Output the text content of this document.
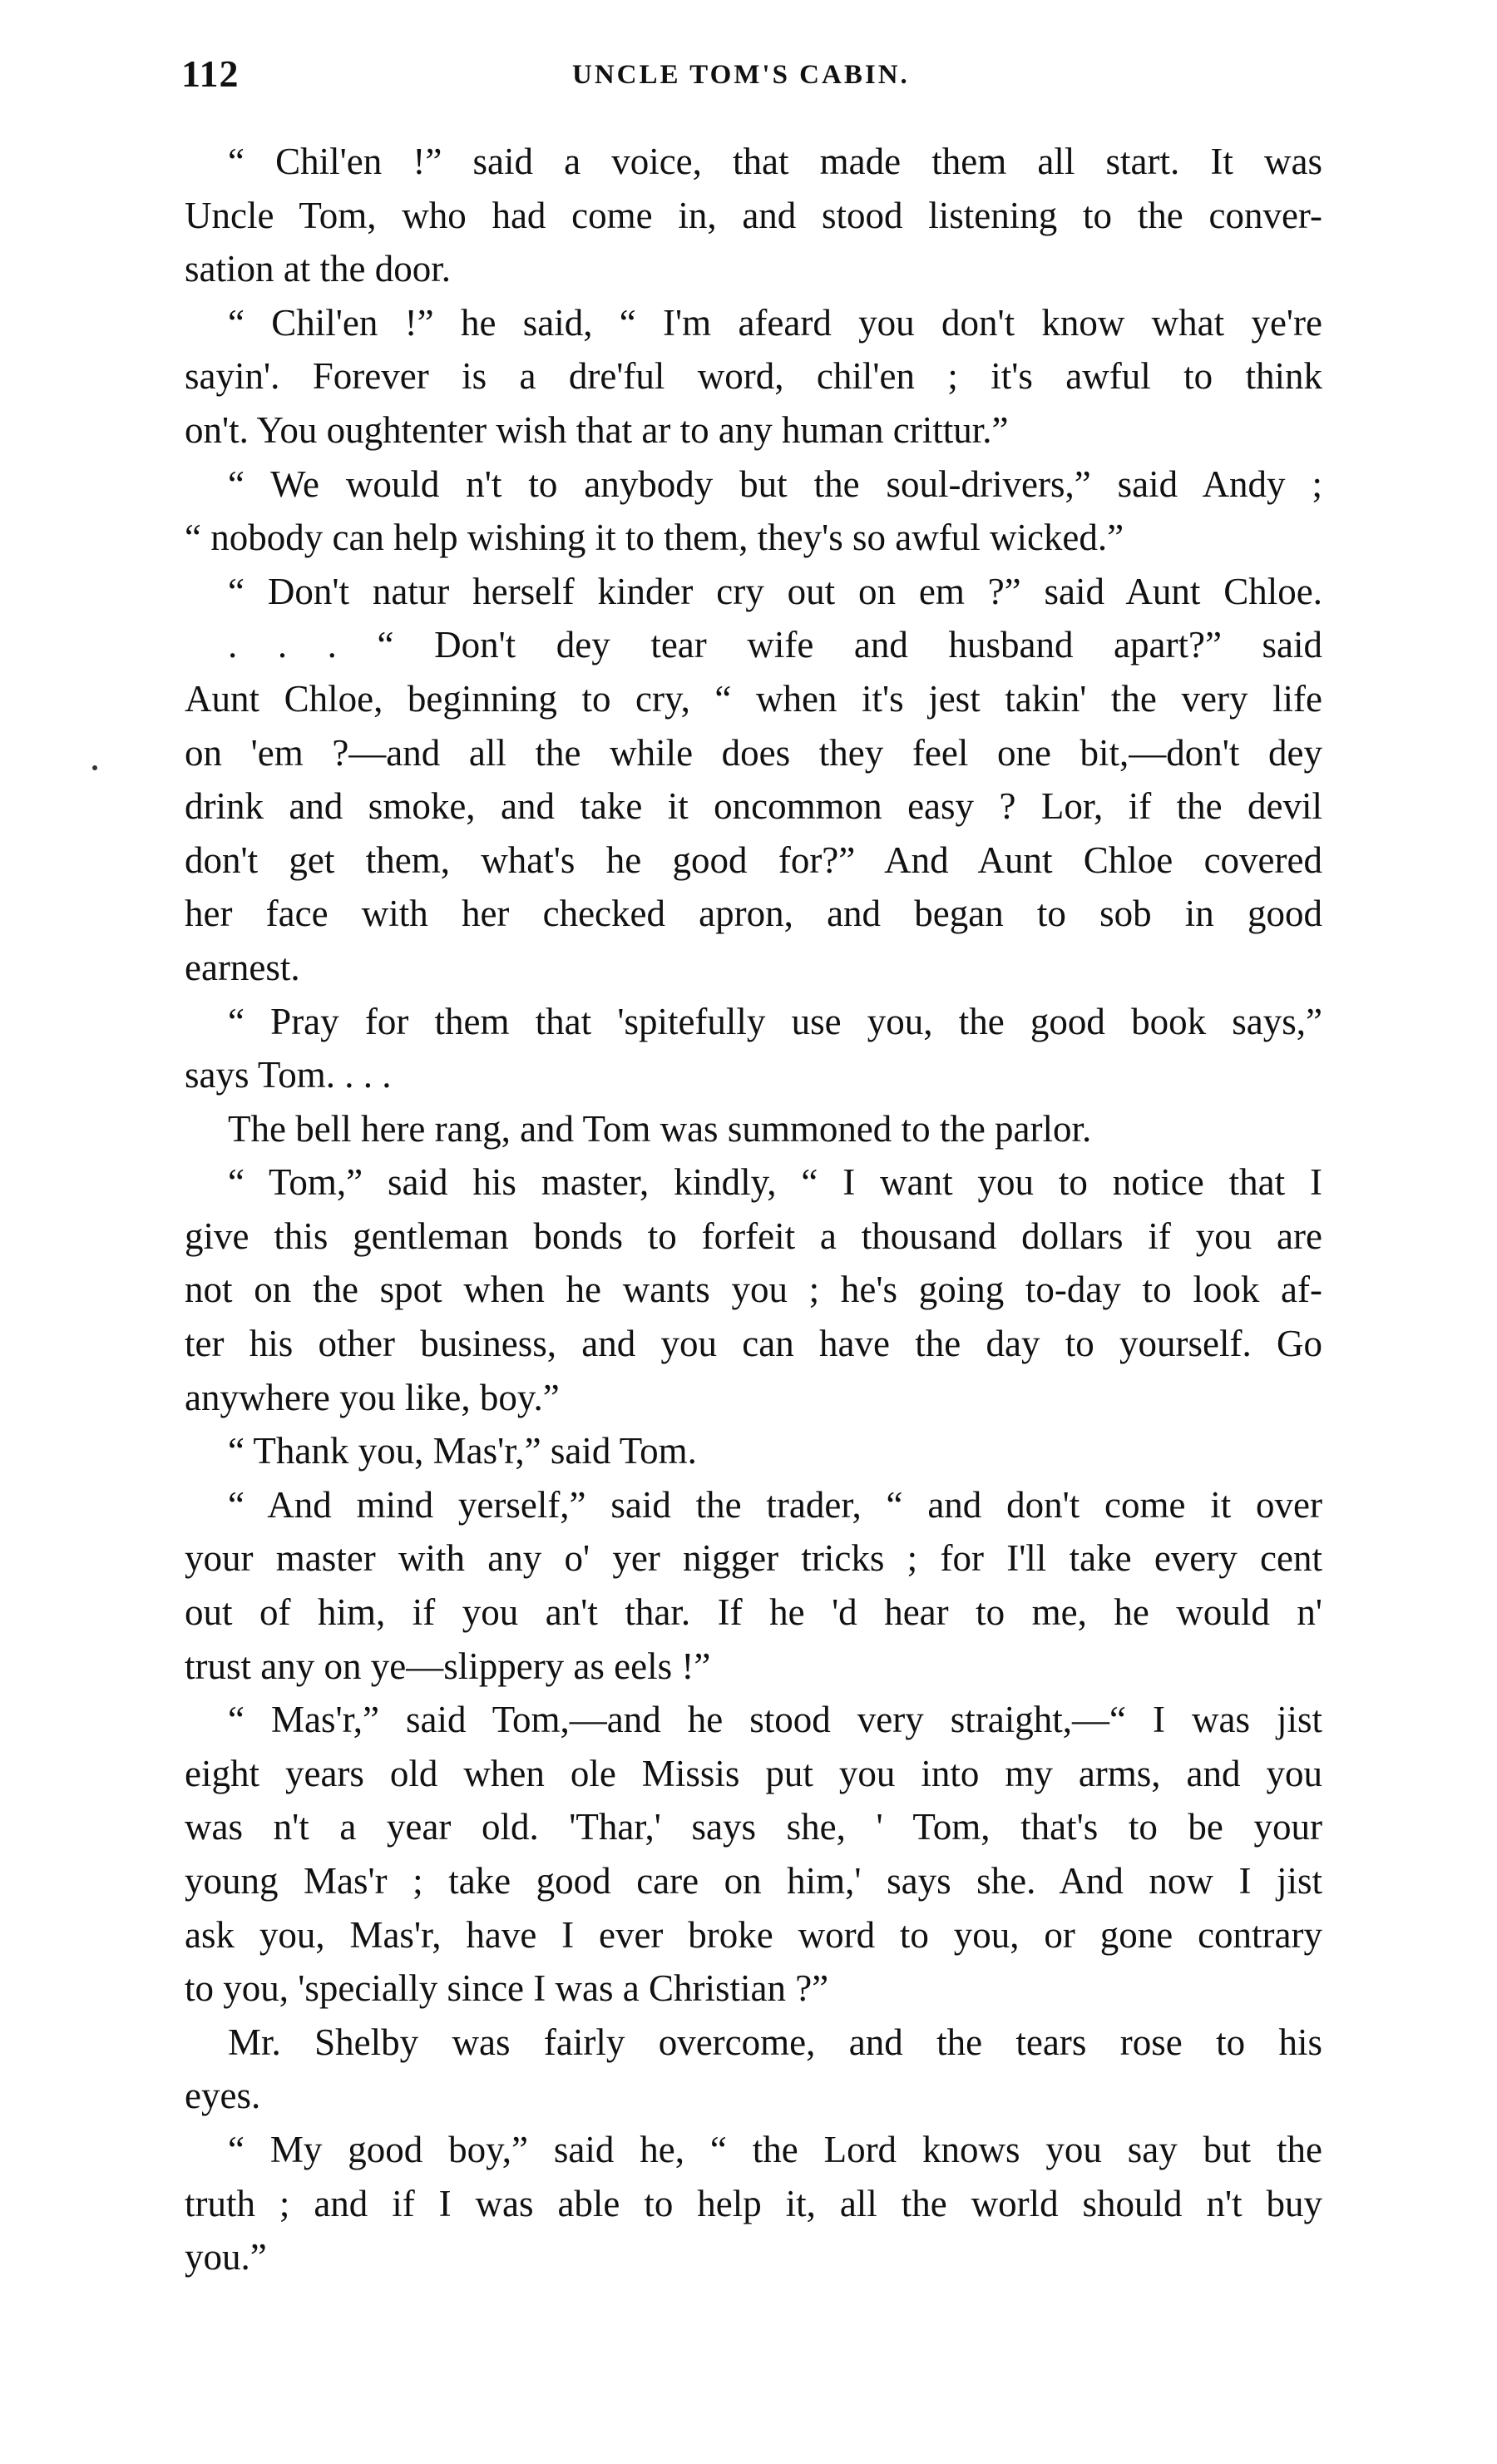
112	UNCLE TOM'S CABIN.
“ Chil'en !” said a voice, that made them all start. It was
Uncle Tom, who had come in, and stood listening to the conver-
sation at the door.
“ Chil'en !” he said, “ I'm afeard you don't know what ye're
sayin'. Forever is a dre'ful word, chil'en ; it's awful to think
on't. You oughtenter wish that ar to any human crittur.”
“ We would n't to anybody but the soul-drivers,” said Andy ;
“ nobody can help wishing it to them, they's so awful wicked.”
“ Don't natur herself kinder cry out on em ?” said Aunt Chloe.
. . . “ Don't dey tear wife and husband apart?” said
Aunt Chloe, beginning to cry, “ when it's jest takin' the very life
on 'em ?—and all the while does they feel one bit,—don't dey
drink and smoke, and take it oncommon easy ? Lor, if the devil
don't get them, what's he good for?” And Aunt Chloe covered
her face with her checked apron, and began to sob in good
earnest.
“ Pray for them that 'spitefully use you, the good book says,”
says Tom. . . .
The bell here rang, and Tom was summoned to the parlor.
“ Tom,” said his master, kindly, “ I want you to notice that I
give this gentleman bonds to forfeit a thousand dollars if you are
not on the spot when he wants you ; he's going to-day to look af-
ter his other business, and you can have the day to yourself. Go
anywhere you like, boy.”
“ Thank you, Mas'r,” said Tom.
“ And mind yerself,” said the trader, “ and don't come it over
your master with any o' yer nigger tricks ; for I'll take every cent
out of him, if you an't thar. If he 'd hear to me, he would n'
trust any on ye—slippery as eels !”
“ Mas'r,” said Tom,—and he stood very straight,—“ I was jist
eight years old when ole Missis put you into my arms, and you
was n't a year old. 'Thar,' says she, ' Tom, that's to be your
young Mas'r ; take good care on him,' says she. And now I jist
ask you, Mas'r, have I ever broke word to you, or gone contrary
to you, 'specially since I was a Christian ?”
Mr. Shelby was fairly overcome, and the tears rose to his
eyes.
“ My good boy,” said he, “ the Lord knows you say but the
truth ; and if I was able to help it, all the world should n't buy
you.”
